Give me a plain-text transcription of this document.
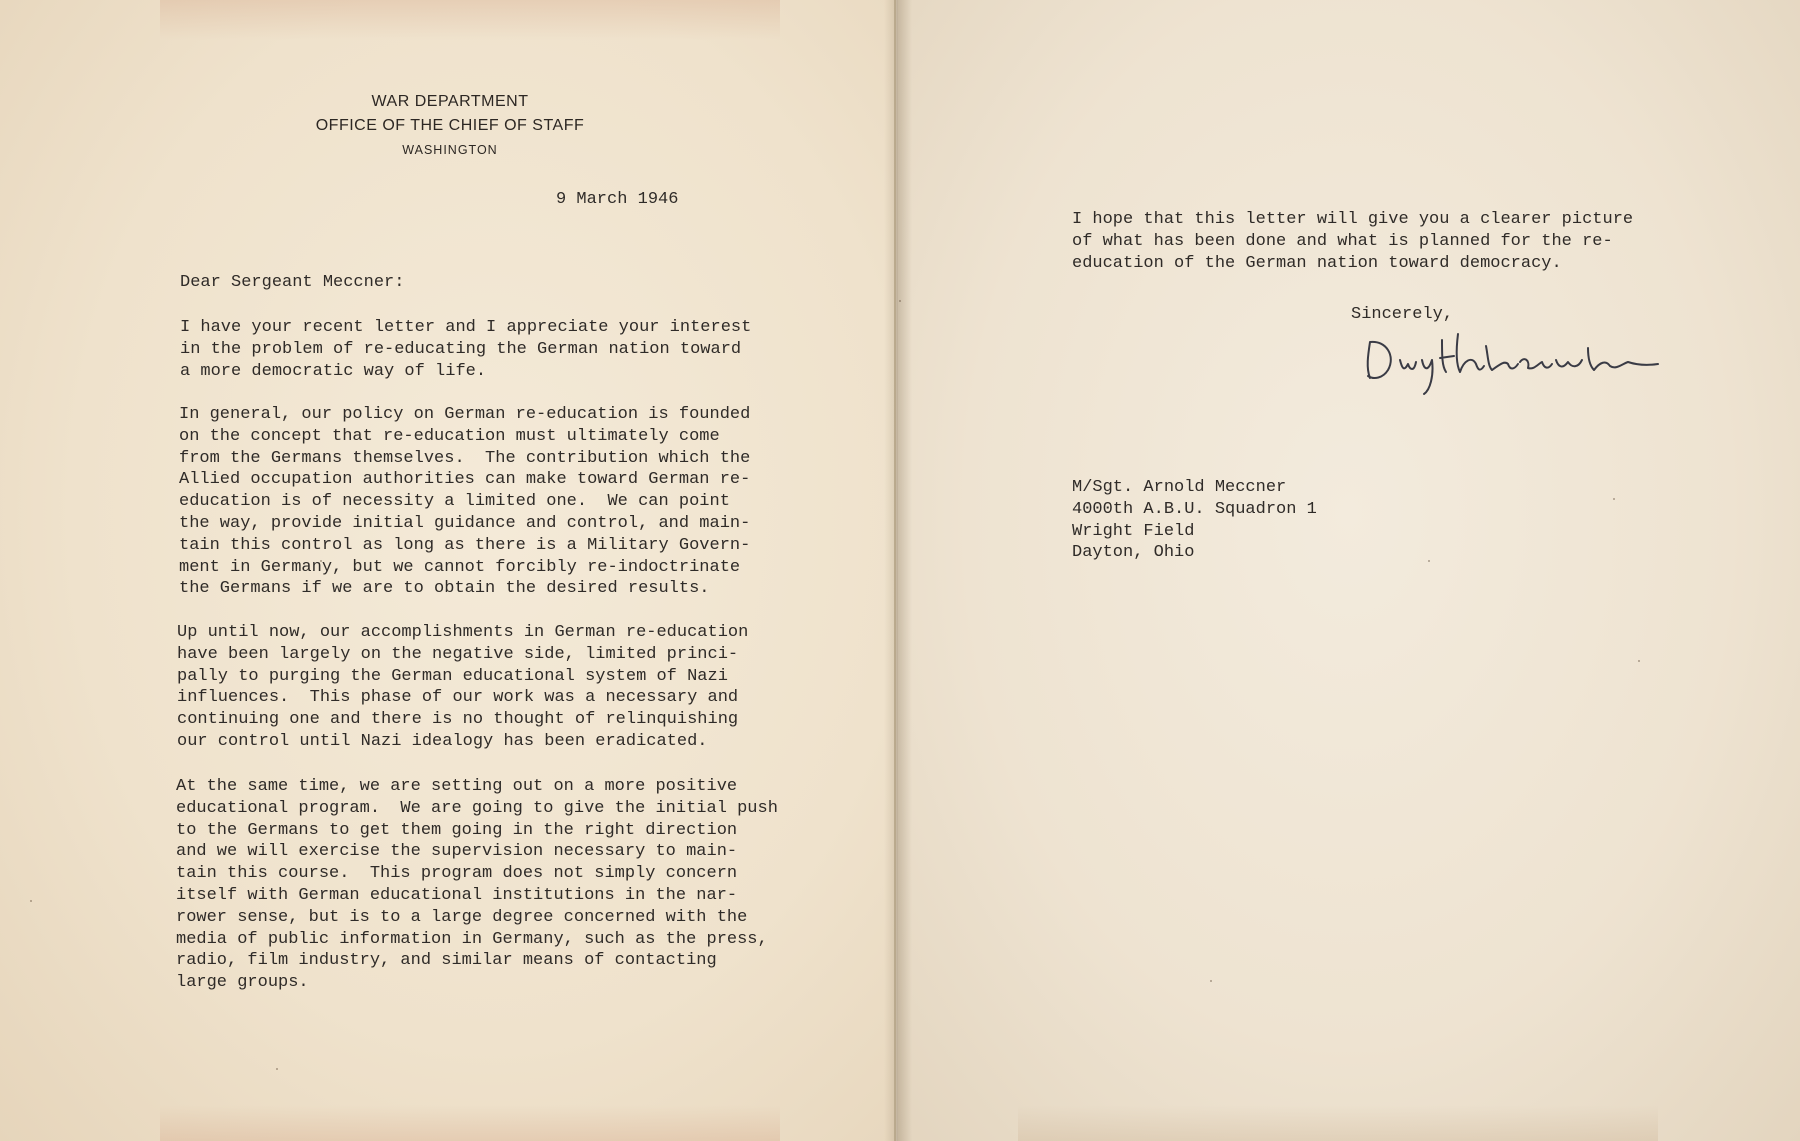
WAR DEPARTMENT
OFFICE OF THE CHIEF OF STAFF
WASHINGTON

9 March 1946

Dear Sergeant Meccner:

I have your recent letter and I appreciate your interest
in the problem of re-educating the German nation toward
a more democratic way of life.

In general, our policy on German re-education is founded
on the concept that re-education must ultimately come
from the Germans themselves.  The contribution which the
Allied occupation authorities can make toward German re-
education is of necessity a limited one.  We can point
the way, provide initial guidance and control, and main-
tain this control as long as there is a Military Govern-
ment in Germany, but we cannot forcibly re-indoctrinate
the Germans if we are to obtain the desired results.

Up until now, our accomplishments in German re-education
have been largely on the negative side, limited princi-
pally to purging the German educational system of Nazi
influences.  This phase of our work was a necessary and
continuing one and there is no thought of relinquishing
our control until Nazi idealogy has been eradicated.

At the same time, we are setting out on a more positive
educational program.  We are going to give the initial push
to the Germans to get them going in the right direction
and we will exercise the supervision necessary to main-
tain this course.  This program does not simply concern
itself with German educational institutions in the nar-
rower sense, but is to a large degree concerned with the
media of public information in Germany, such as the press,
radio, film industry, and similar means of contacting
large groups.

I hope that this letter will give you a clearer picture
of what has been done and what is planned for the re-
education of the German nation toward democracy.

Sincerely,

M/Sgt. Arnold Meccner
4000th A.B.U. Squadron 1
Wright Field
Dayton, Ohio
